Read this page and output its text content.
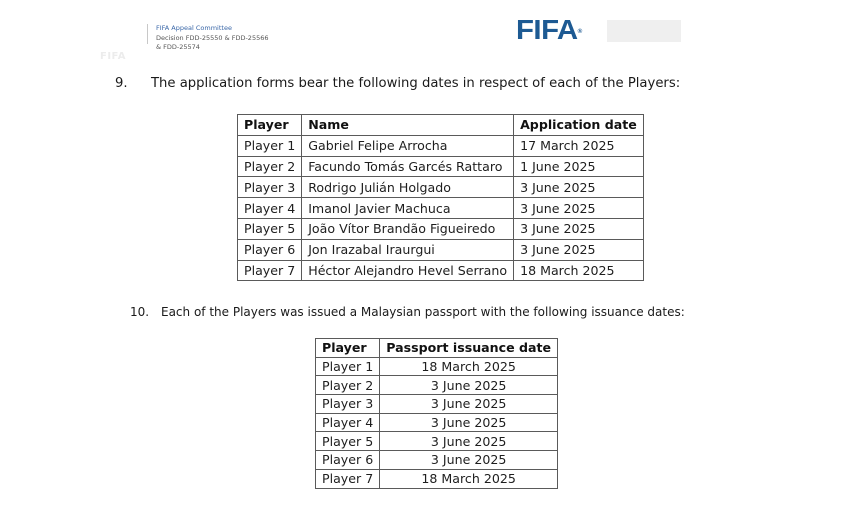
FIFA Appeal Committee
Decision FDD-25550 & FDD-25566
& FDD-25574
FIFA
FIFA®
9. The application forms bear the following dates in respect of each of the Players:
Player	Name	Application date
Player 1	Gabriel Felipe Arrocha	17 March 2025
Player 2	Facundo Tomás Garcés Rattaro	1 June 2025
Player 3	Rodrigo Julián Holgado	3 June 2025
Player 4	Imanol Javier Machuca	3 June 2025
Player 5	João Vítor Brandão Figueiredo	3 June 2025
Player 6	Jon Irazabal Iraurgui	3 June 2025
Player 7	Héctor Alejandro Hevel Serrano	18 March 2025
10. Each of the Players was issued a Malaysian passport with the following issuance dates:
Player	Passport issuance date
Player 1	18 March 2025
Player 2	3 June 2025
Player 3	3 June 2025
Player 4	3 June 2025
Player 5	3 June 2025
Player 6	3 June 2025
Player 7	18 March 2025
